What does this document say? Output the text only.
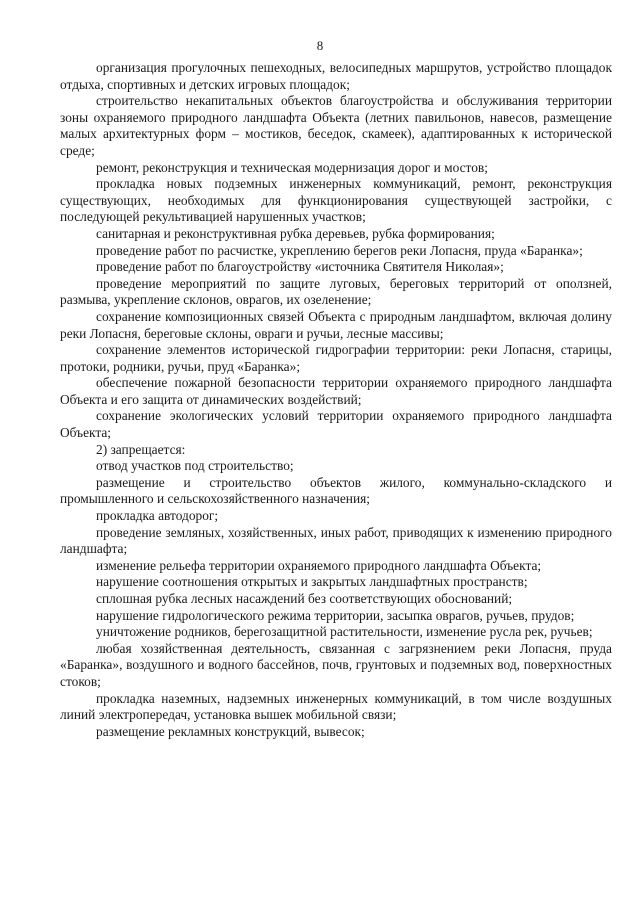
8

организация прогулочных пешеходных, велосипедных маршрутов, устройство площадок отдыха, спортивных и детских игровых площадок;

строительство некапитальных объектов благоустройства и обслуживания территории зоны охраняемого природного ландшафта Объекта (летних павильонов, навесов, размещение малых архитектурных форм – мостиков, беседок, скамеек), адаптированных к исторической среде;

ремонт, реконструкция и техническая модернизация дорог и мостов;

прокладка новых подземных инженерных коммуникаций, ремонт, реконструкция существующих, необходимых для функционирования существующей застройки, с последующей рекультивацией нарушенных участков;

санитарная и реконструктивная рубка деревьев, рубка формирования;

проведение работ по расчистке, укреплению берегов реки Лопасня, пруда «Баранка»;

проведение работ по благоустройству «источника Святителя Николая»;

проведение мероприятий по защите луговых, береговых территорий от оползней, размыва, укрепление склонов, оврагов, их озеленение;

сохранение композиционных связей Объекта с природным ландшафтом, включая долину реки Лопасня, береговые склоны, овраги и ручьи, лесные массивы;

сохранение элементов исторической гидрографии территории: реки Лопасня, старицы, протоки, родники, ручьи, пруд «Баранка»;

обеспечение пожарной безопасности территории охраняемого природного ландшафта Объекта и его защита от динамических воздействий;

сохранение экологических условий территории охраняемого природного ландшафта Объекта;

2) запрещается:

отвод участков под строительство;

размещение и строительство объектов жилого, коммунально-складского и промышленного и сельскохозяйственного назначения;

прокладка автодорог;

проведение земляных, хозяйственных, иных работ, приводящих к изменению природного ландшафта;

изменение рельефа территории охраняемого природного ландшафта Объекта;

нарушение соотношения открытых и закрытых ландшафтных пространств;

сплошная рубка лесных насаждений без соответствующих обоснований;

нарушение гидрологического режима территории, засыпка оврагов, ручьев, прудов;

уничтожение родников, берегозащитной растительности, изменение русла рек, ручьев;

любая хозяйственная деятельность, связанная с загрязнением реки Лопасня, пруда «Баранка», воздушного и водного бассейнов, почв, грунтовых и подземных вод, поверхностных стоков;

прокладка наземных, надземных инженерных коммуникаций, в том числе воздушных линий электропередач, установка вышек мобильной связи;

размещение рекламных конструкций, вывесок;
